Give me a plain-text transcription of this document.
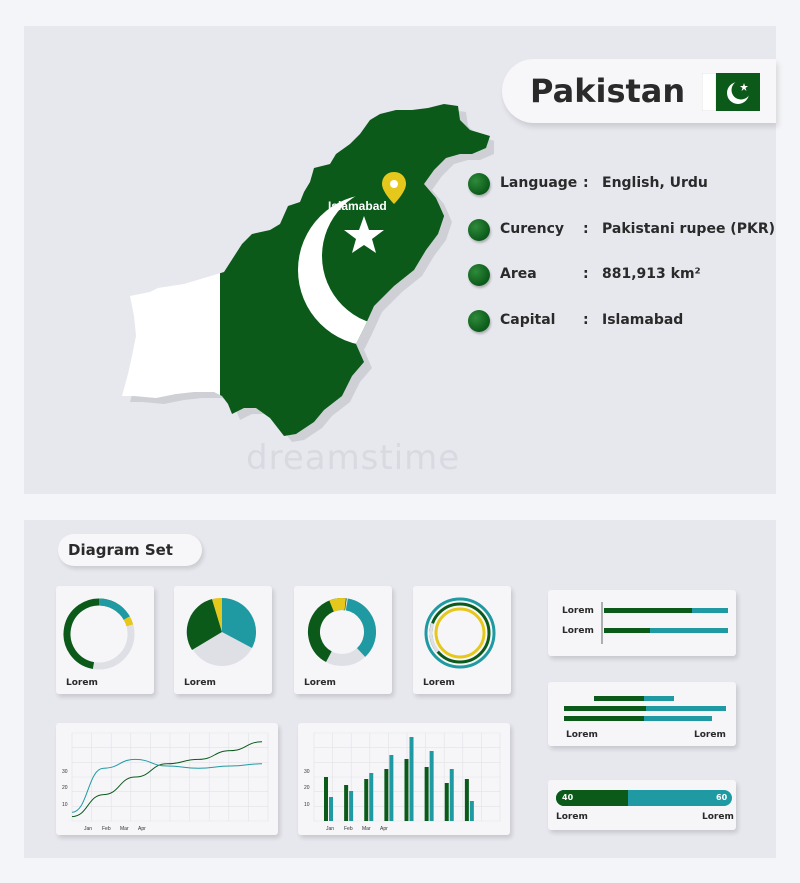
Islamabad
dreamstime
Pakistan
Language : English, Urdu
Curency : Pakistani rupee (PKR)
Area	: 881,913 km²
Capital : Islamabad
Diagram Set
Lorem	Lorem	Lorem	Lorem
Lorem
Lorem
Lorem	Lorem
40	60
Lorem	Lorem
Jan Feb Mar Apr
30
20
10
Jan Feb Mar Apr
30
20
10
